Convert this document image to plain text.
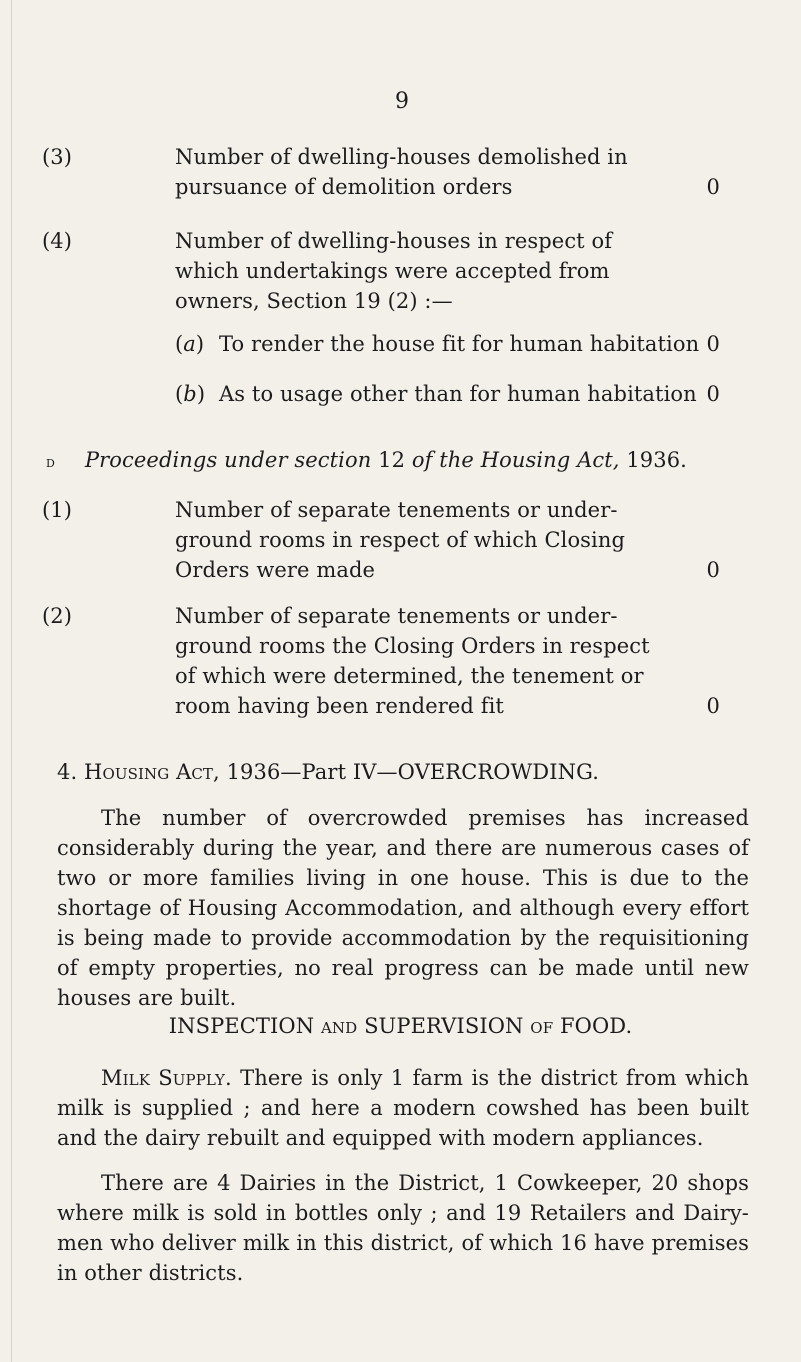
9
(3)	Number of dwelling-houses demolished in
pursuance of demolition orders	0
(4)	Number of dwelling-houses in respect of
which undertakings were accepted from
owners, Section 19 (2) :—
(a) To render the house fit for human habitation 0
(b) As to usage other than for human habitation 0
d Proceedings under section 12 of the Housing Act, 1936.
(1)	Number of separate tenements or under-
ground rooms in respect of which Closing
Orders were made	0
(2)	Number of separate tenements or under-
ground rooms the Closing Orders in respect
of which were determined, the tenement or
room having been rendered fit	0
4. Housing Act, 1936—Part IV—OVERCROWDING.
The number of overcrowded premises has increased considerably during the year, and there are numerous cases of two or more families living in one house. This is due to the shortage of Housing Accommodation, and although every effort is being made to provide accommodation by the requisitioning of empty properties, no real progress can be made until new houses are built.
INSPECTION and SUPERVISION of FOOD.
Milk Supply. There is only 1 farm is the district from which milk is supplied ; and here a modern cowshed has been built and the dairy rebuilt and equipped with modern appliances.
There are 4 Dairies in the District, 1 Cowkeeper, 20 shops where milk is sold in bottles only ; and 19 Retailers and Dairy-men who deliver milk in this district, of which 16 have premises in other districts.
